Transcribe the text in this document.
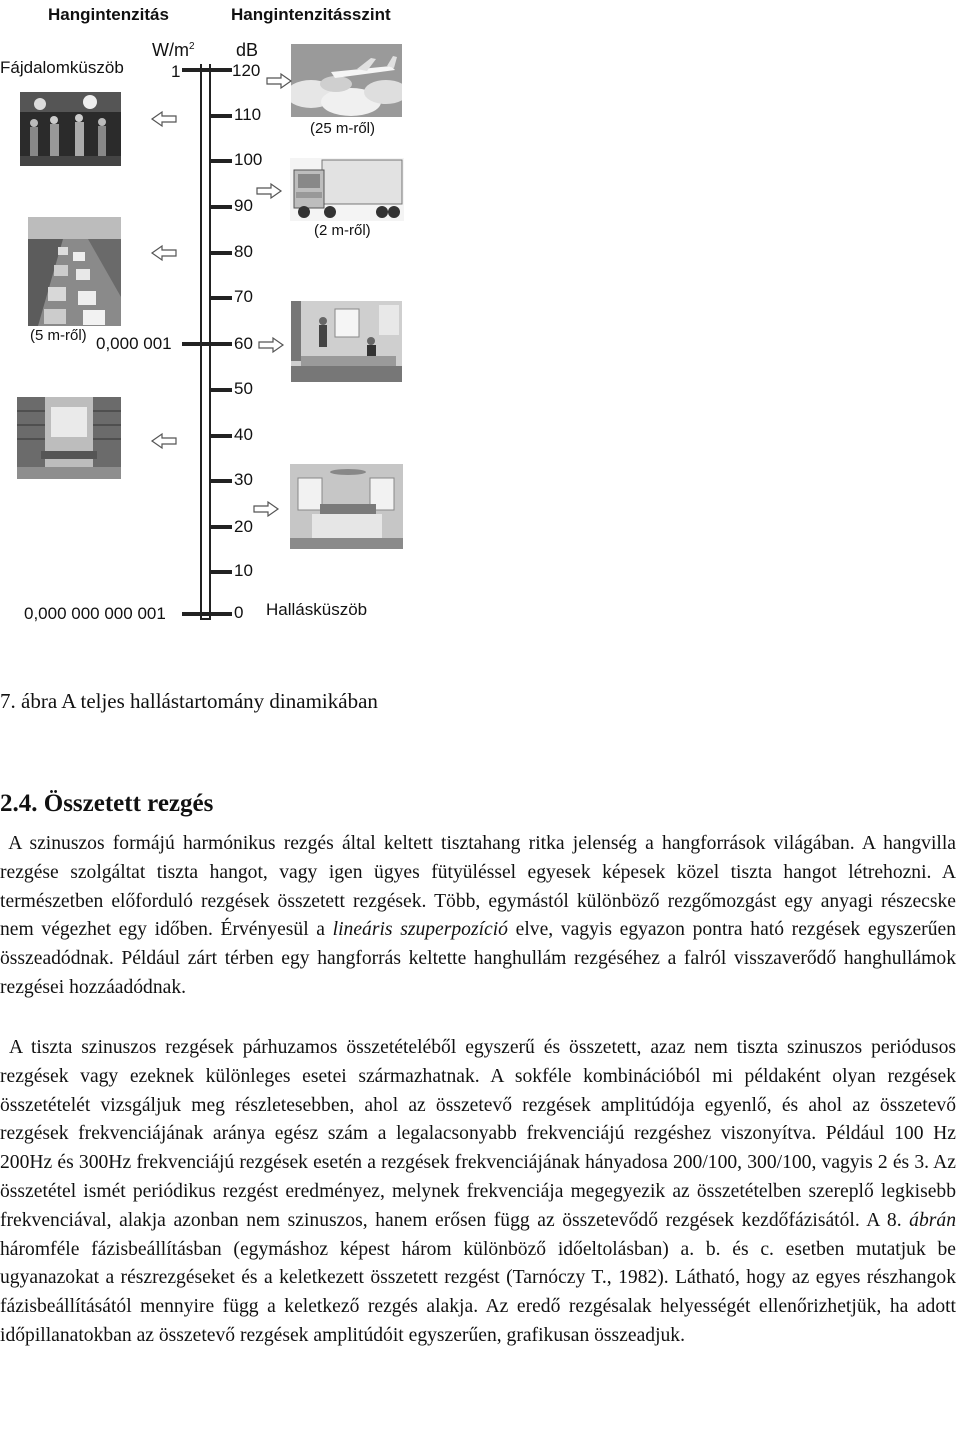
Hangintenzitás	Hangintenzitásszint
$W/m^2$ dB
Fájdalomküszöb	1
0,000 001
0,000 000 000 001	Hallásküszöb
120
110
100
90
80
70
60
50
40
30
20
10
0
(25 m-ről)
(2 m-ről)
(5 m-ről)
7. ábra A teljes hallástartomány dinamikában
2.4. Összetett rezgés

A szinuszos formájú harmónikus rezgés által keltett tisztahang ritka jelenség a hangforrások világában. A hangvilla rezgése szolgáltat tiszta hangot, vagy igen ügyes fütyüléssel egyesek képesek közel tiszta hangot létrehozni. A természetben előforduló rezgések összetett rezgések. Több, egymástól különböző rezgőmozgást egy anyagi részecske nem végezhet egy időben. Érvényesül a lineáris szuperpozíció elve, vagyis egyazon pontra ható rezgések egyszerűen összeadódnak. Például zárt térben egy hangforrás keltette hanghullám rezgéséhez a falról visszaverődő hanghullámok rezgései hozzáadódnak.

A tiszta szinuszos rezgések párhuzamos összetételéből egyszerű és összetett, azaz nem tiszta szinuszos periódusos rezgések vagy ezeknek különleges esetei származhatnak. A sokféle kombinációból mi példaként olyan rezgések összetételét vizsgáljuk meg részletesebben, ahol az összetevő rezgések amplitúdója egyenlő, és ahol az összetevő rezgések frekvenciájának aránya egész szám a legalacsonyabb frekvenciájú rezgéshez viszonyítva. Például 100 Hz 200Hz és 300Hz frekvenciájú rezgések esetén a rezgések frekvenciájának hányadosa 200/100, 300/100, vagyis 2 és 3. Az összetétel ismét periódikus rezgést eredményez, melynek frekvenciája megegyezik az összetételben szereplő legkisebb frekvenciával, alakja azonban nem szinuszos, hanem erősen függ az összetevődő rezgések kezdőfázisától. A 8. ábrán háromféle fázisbeállításban (egymáshoz képest három különböző időeltolásban) a. b. és c. esetben mutatjuk be ugyanazokat a részrezgéseket és a keletkezett összetett rezgést (Tarnóczy T., 1982). Látható, hogy az egyes részhangok fázisbeállításától mennyire függ a keletkező rezgés alakja. Az eredő rezgésalak helyességét ellenőrizhetjük, ha adott időpillanatokban az összetevő rezgések amplitúdóit egyszerűen, grafikusan összeadjuk.
